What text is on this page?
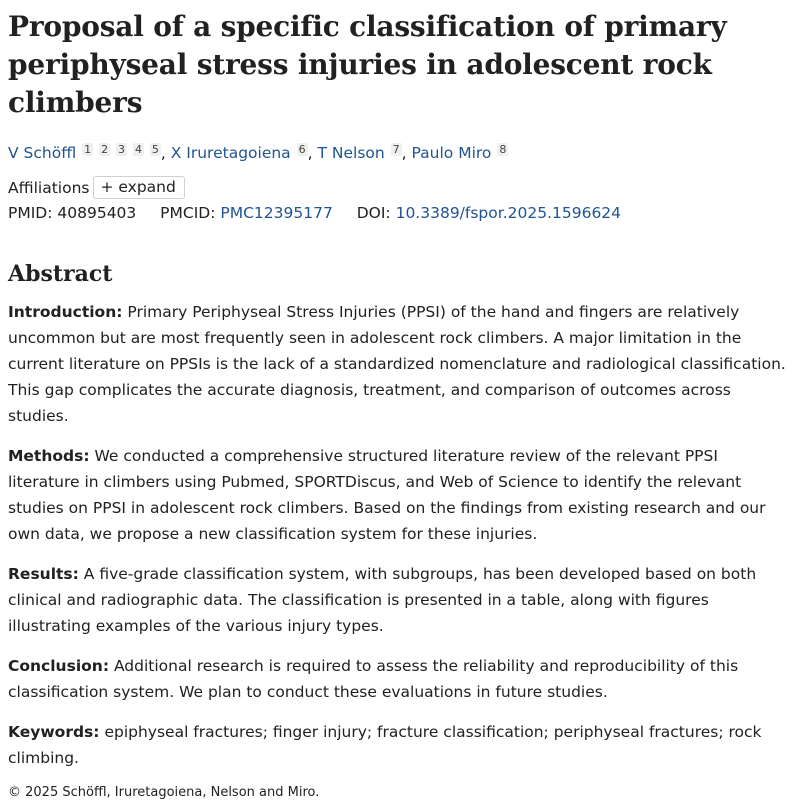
Proposal of a specific classification of primary periphyseal stress injuries in adolescent rock climbers
V Schöffl $^1$ $^2$ $^3$ $^4$ $^5$ , X Iruretagoiena $^6$ , T Nelson $^7$ , Paulo Miro $^8$
Affiliations + expand
PMID: 40895403 PMCID: PMC12395177 DOI: 10.3389/fspor.2025.1596624
Abstract

Introduction: Primary Periphyseal Stress Injuries (PPSI) of the hand and fingers are relatively uncommon but are most frequently seen in adolescent rock climbers. A major limitation in the current literature on PPSIs is the lack of a standardized nomenclature and radiological classification. This gap complicates the accurate diagnosis, treatment, and comparison of outcomes across studies.

Methods: We conducted a comprehensive structured literature review of the relevant PPSI literature in climbers using Pubmed, SPORTDiscus, and Web of Science to identify the relevant studies on PPSI in adolescent rock climbers. Based on the findings from existing research and our own data, we propose a new classification system for these injuries.

Results: A five-grade classification system, with subgroups, has been developed based on both clinical and radiographic data. The classification is presented in a table, along with figures illustrating examples of the various injury types.

Conclusion: Additional research is required to assess the reliability and reproducibility of this classification system. We plan to conduct these evaluations in future studies.

Keywords: epiphyseal fractures; finger injury; fracture classification; periphyseal fractures; rock climbing.

© 2025 Schöffl, Iruretagoiena, Nelson and Miro.
